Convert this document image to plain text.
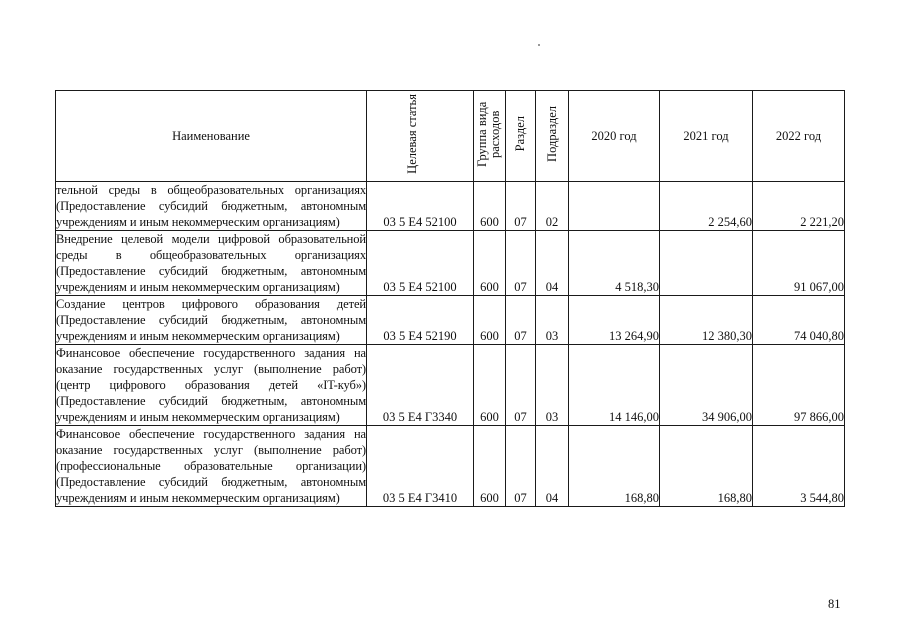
Наименование	Целевая статья	Группа вида расходов	Раздел	Подраздел	2020 год	2021 год	2022 год
тельной среды в общеобразовательных организациях (Предоставление субсидий бюджетным, автономным учреждениям и иным некоммерческим организациям)	03 5 Е4 52100	600	07	02		2 254,60	2 221,20
Внедрение целевой модели цифровой образовательной среды в общеобразовательных организациях (Предоставление субсидий бюджетным, автономным учреждениям и иным некоммерческим организациям)	03 5 Е4 52100	600	07	04	4 518,30		91 067,00
Создание центров цифрового образования детей (Предоставление субсидий бюджетным, автономным учреждениям и иным некоммерческим организациям)	03 5 Е4 52190	600	07	03	13 264,90	12 380,30	74 040,80
Финансовое обеспечение государственного задания на оказание государственных услуг (выполнение работ) (центр цифрового образования детей «IT-куб») (Предоставление субсидий бюджетным, автономным учреждениям и иным некоммерческим организациям)	03 5 Е4 Г3340	600	07	03	14 146,00	34 906,00	97 866,00
Финансовое обеспечение государственного задания на оказание государственных услуг (выполнение работ) (профессиональные образовательные организации) (Предоставление субсидий бюджетным, автономным учреждениям и иным некоммерческим организациям)	03 5 Е4 Г3410	600	07	04	168,80	168,80	3 544,80
81
